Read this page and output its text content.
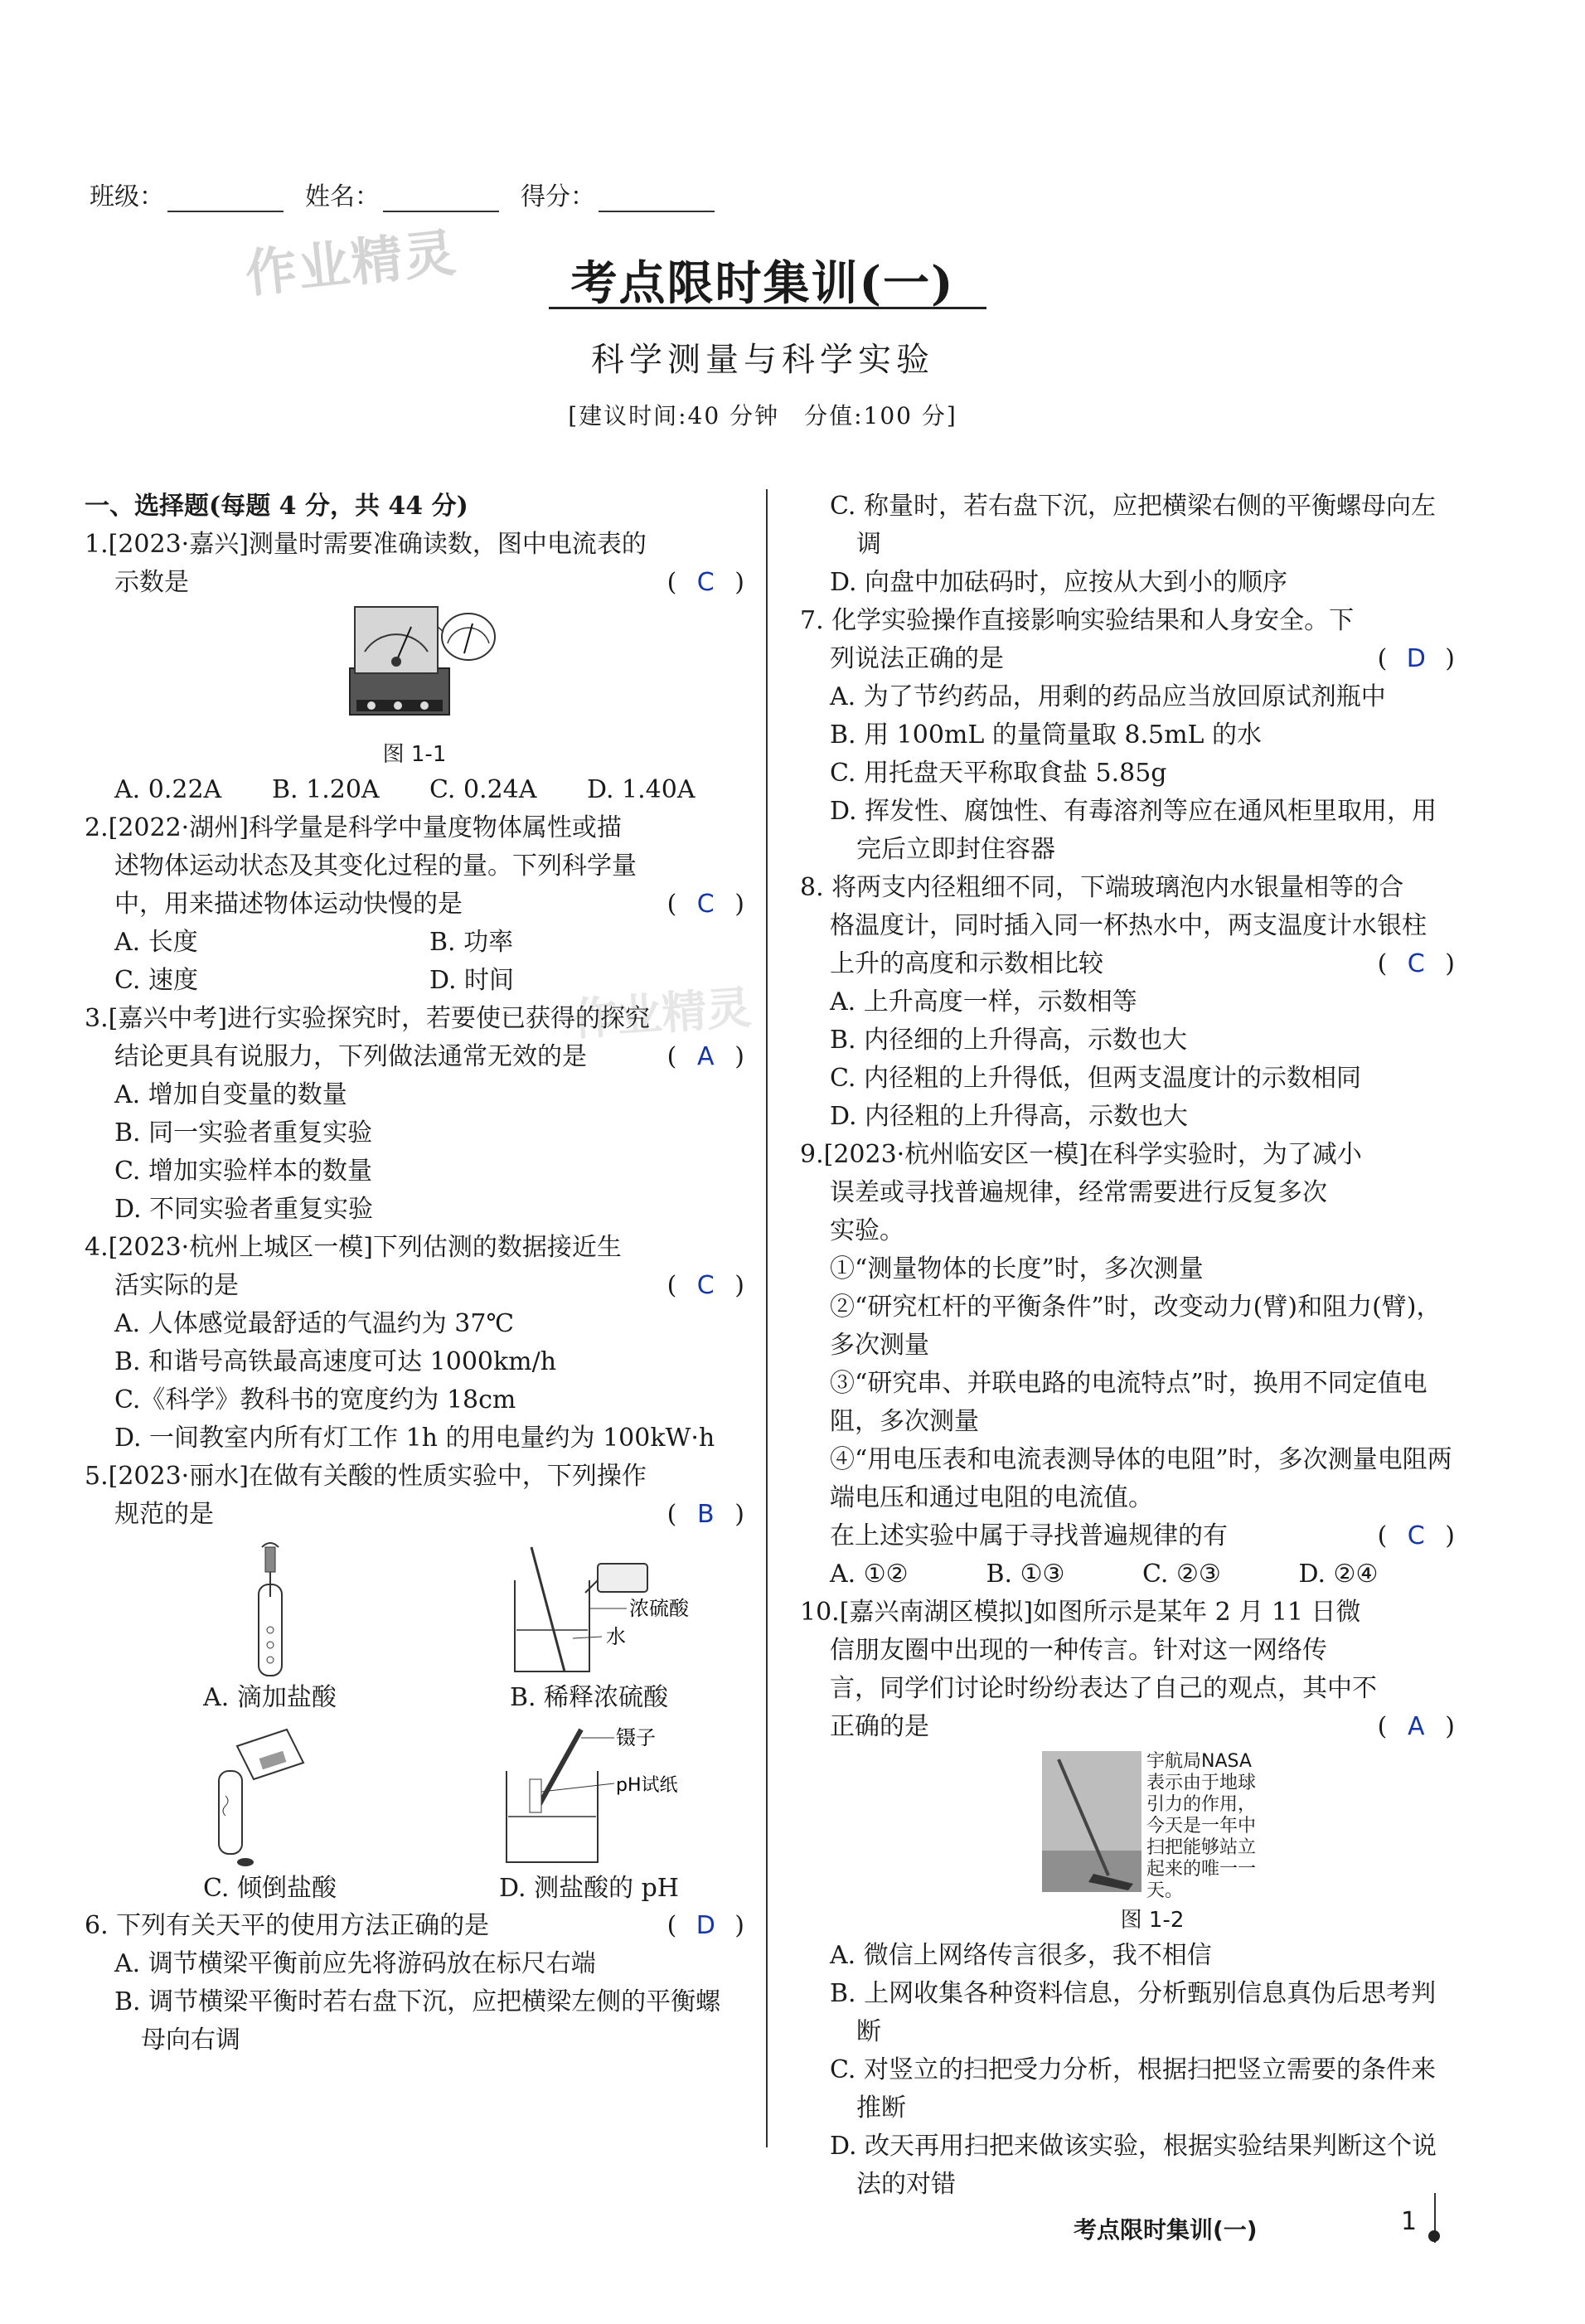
班级：	姓名：	得分：
作业精灵
作业精灵
考点限时集训(一)
科学测量与科学实验
[建议时间:40 分钟　分值:100 分]
一、选择题(每题 4 分，共 44 分)
1.[2023·嘉兴]测量时需要准确读数，图中电流表的
示数是	( C )
图 1-1
A. 0.22A	B. 1.20A	C. 0.24A	D. 1.40A
2.[2022·湖州]科学量是科学中量度物体属性或描
述物体运动状态及其变化过程的量。下列科学量
中，用来描述物体运动快慢的是	( C )
A. 长度	B. 功率
C. 速度	D. 时间
3.[嘉兴中考]进行实验探究时，若要使已获得的探究
结论更具有说服力，下列做法通常无效的是	( A )
A. 增加自变量的数量
B. 同一实验者重复实验
C. 增加实验样本的数量
D. 不同实验者重复实验
4.[2023·杭州上城区一模]下列估测的数据接近生
活实际的是	( C )
A. 人体感觉最舒适的气温约为 37℃
B. 和谐号高铁最高速度可达 1000km/h
C.《科学》教科书的宽度约为 18cm
D. 一间教室内所有灯工作 1h 的用电量约为 100kW·h
5.[2023·丽水]在做有关酸的性质实验中，下列操作
规范的是	( B )
A. 滴加盐酸
浓硫酸
水
B. 稀释浓硫酸
C. 倾倒盐酸
镊子
pH试纸
D. 测盐酸的 pH
6. 下列有关天平的使用方法正确的是	( D )
A. 调节横梁平衡前应先将游码放在标尺右端
B. 调节横梁平衡时若右盘下沉，应把横梁左侧的平衡螺母向右调
C. 称量时，若右盘下沉，应把横梁右侧的平衡螺母向左调
D. 向盘中加砝码时，应按从大到小的顺序
7. 化学实验操作直接影响实验结果和人身安全。下
列说法正确的是	( D )
A. 为了节约药品，用剩的药品应当放回原试剂瓶中
B. 用 100mL 的量筒量取 8.5mL 的水
C. 用托盘天平称取食盐 5.85g
D. 挥发性、腐蚀性、有毒溶剂等应在通风柜里取用，用完后立即封住容器
8. 将两支内径粗细不同，下端玻璃泡内水银量相等的合
格温度计，同时插入同一杯热水中，两支温度计水银柱
上升的高度和示数相比较	( C )
A. 上升高度一样，示数相等
B. 内径细的上升得高，示数也大
C. 内径粗的上升得低，但两支温度计的示数相同
D. 内径粗的上升得高，示数也大
9.[2023·杭州临安区一模]在科学实验时，为了减小
误差或寻找普遍规律，经常需要进行反复多次
实验。
①“测量物体的长度”时，多次测量
②“研究杠杆的平衡条件”时，改变动力(臂)和阻力(臂)，多次测量
③“研究串、并联电路的电流特点”时，换用不同定值电阻，多次测量
④“用电压表和电流表测导体的电阻”时，多次测量电阻两端电压和通过电阻的电流值。
在上述实验中属于寻找普遍规律的有	( C )
A. ①②	B. ①③	C. ②③	D. ②④
10.[嘉兴南湖区模拟]如图所示是某年 2 月 11 日微
信朋友圈中出现的一种传言。针对这一网络传
言，同学们讨论时纷纷表达了自己的观点，其中不
正确的是	( A )
宇航局NASA
表示由于地球
引力的作用，
今天是一年中
扫把能够站立
起来的唯一一
天。
图 1-2
A. 微信上网络传言很多，我不相信
B. 上网收集各种资料信息，分析甄别信息真伪后思考判断
C. 对竖立的扫把受力分析，根据扫把竖立需要的条件来推断
D. 改天再用扫把来做该实验，根据实验结果判断这个说法的对错
考点限时集训(一)	1
